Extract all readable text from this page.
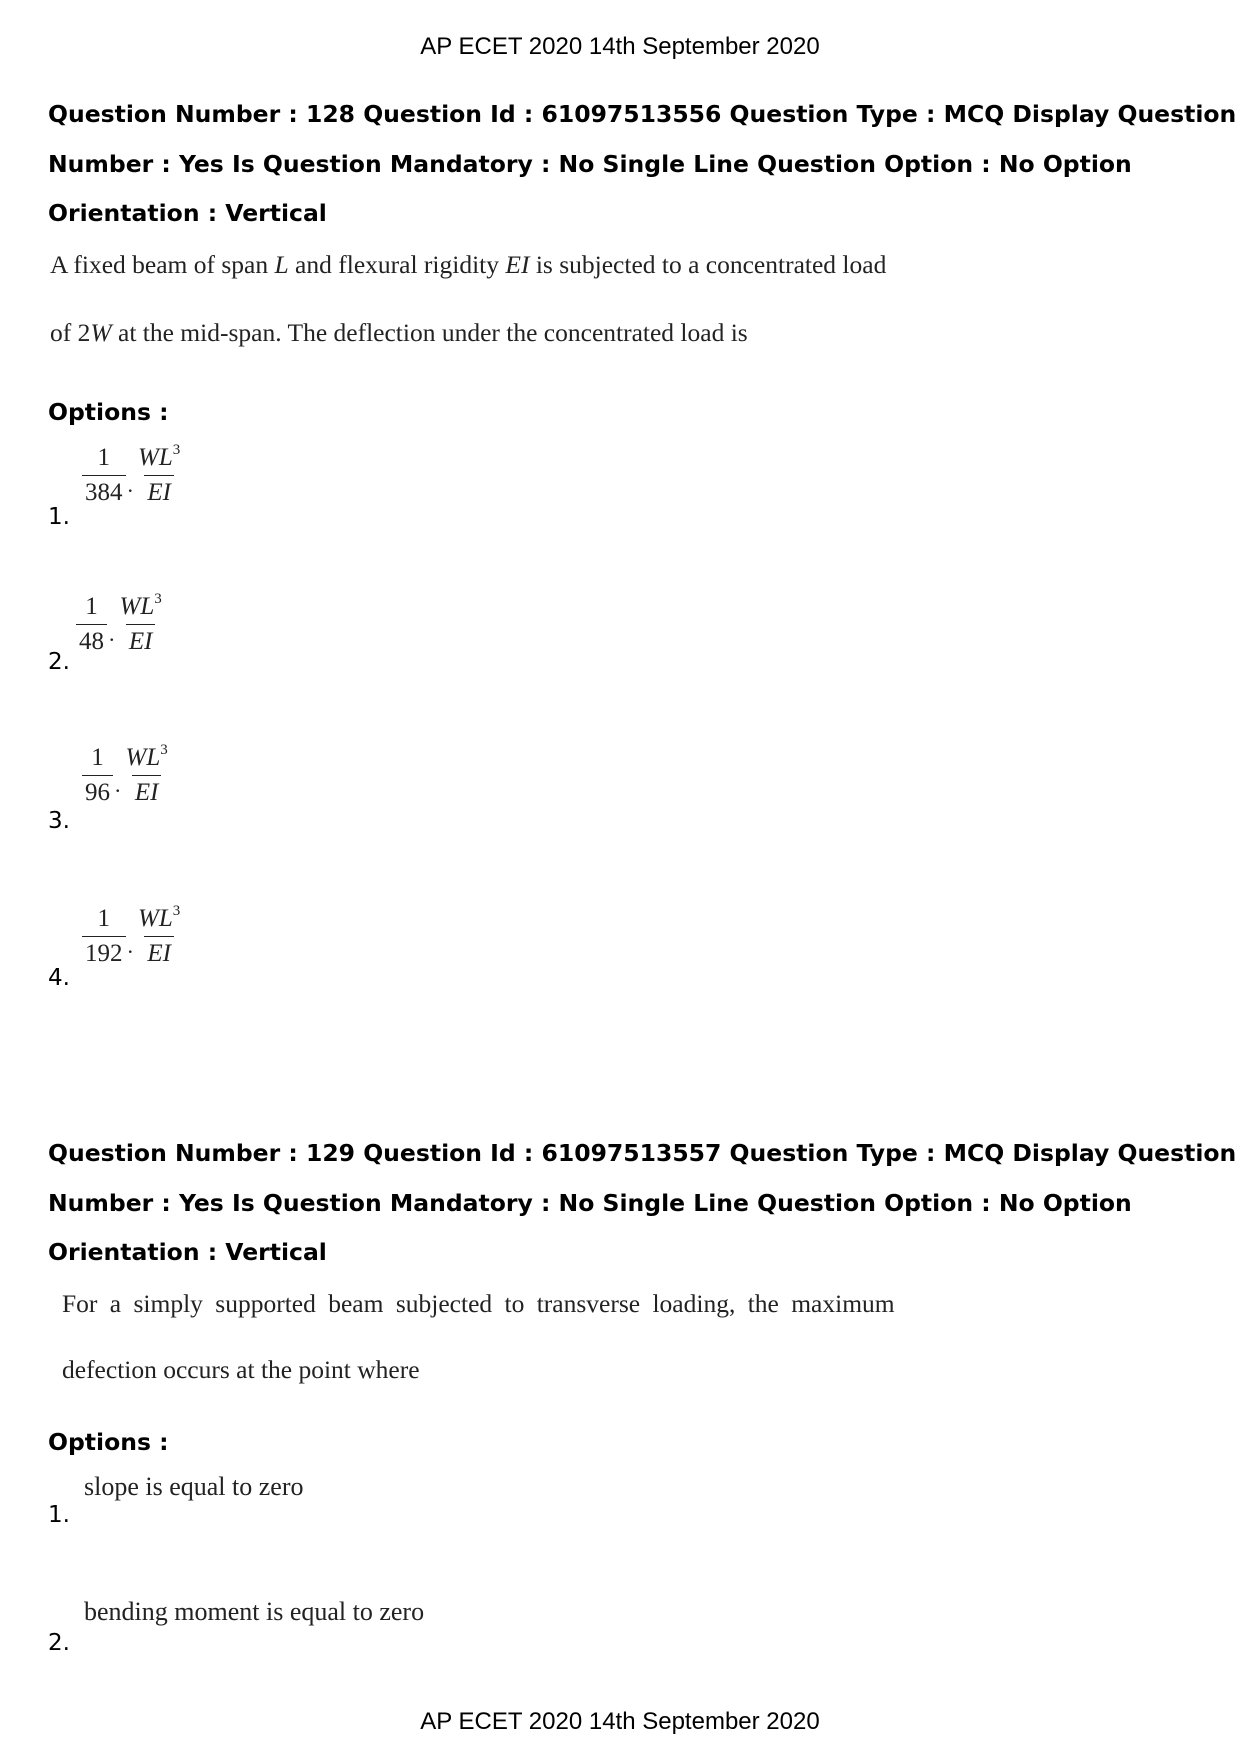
AP ECET 2020 14th September 2020
Question Number : 128 Question Id : 61097513556 Question Type : MCQ Display Question
Number : Yes Is Question Mandatory : No Single Line Question Option : No Option
Orientation : Vertical
A fixed beam of span L and flexural rigidity EI is subjected to a concentrated load
of 2W at the mid-span. The deflection under the concentrated load is
Options :
1.
$\frac{1}{384}$ . $\frac{WL^3}{EI}$
2.
$\frac{1}{48}$ . $\frac{WL^3}{EI}$
3.
$\frac{1}{96}$ . $\frac{WL^3}{EI}$
4.
$\frac{1}{192}$ . $\frac{WL^3}{EI}$
Question Number : 129 Question Id : 61097513557 Question Type : MCQ Display Question
Number : Yes Is Question Mandatory : No Single Line Question Option : No Option
Orientation : Vertical
For a simply supported beam subjected to transverse loading, the maximum
defection occurs at the point where
Options :
1.
slope is equal to zero
2.
bending moment is equal to zero
AP ECET 2020 14th September 2020
